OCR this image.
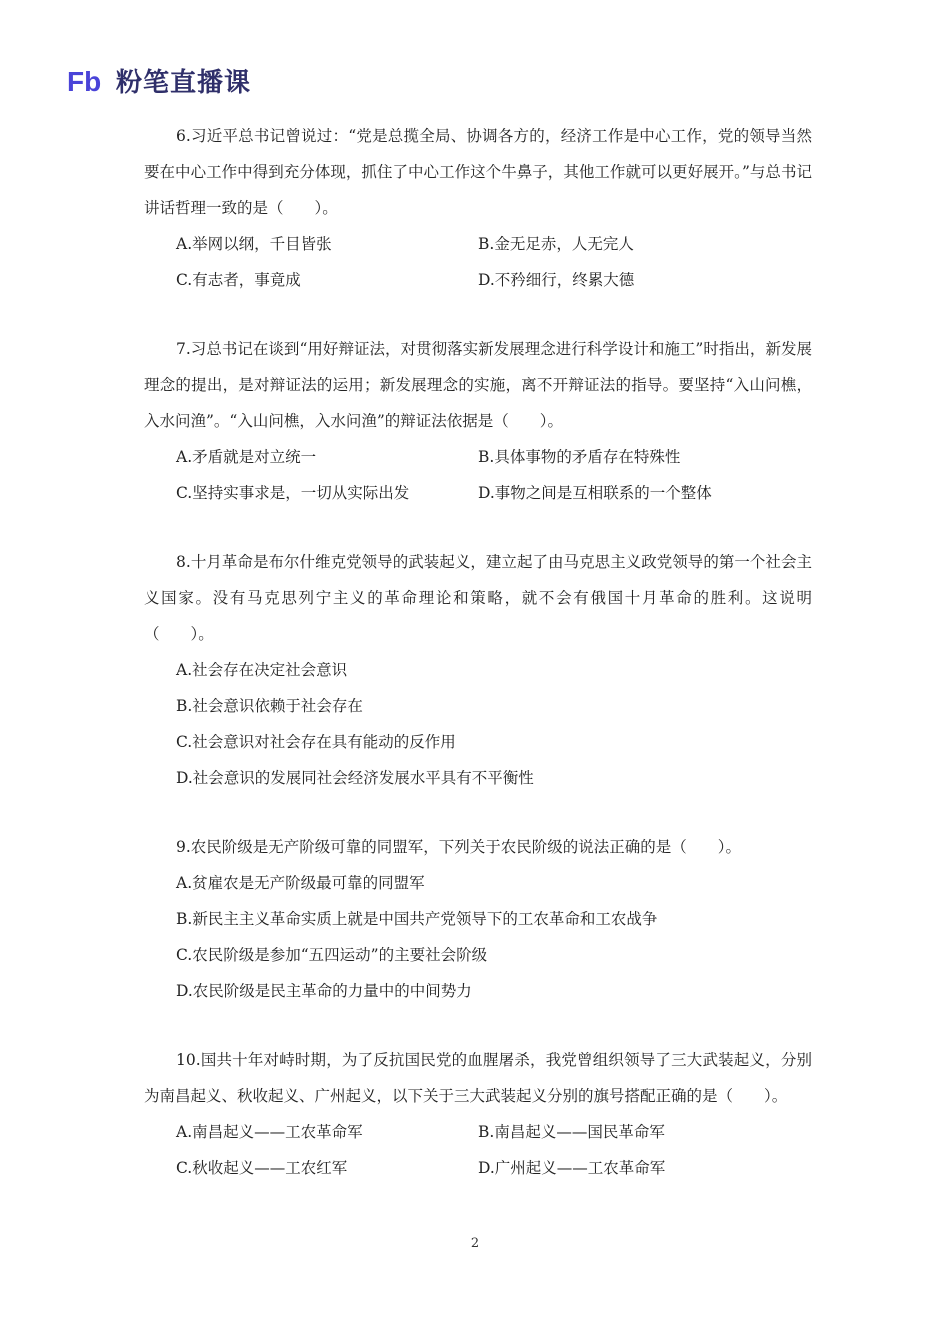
Fb 粉笔直播课

6.习近平总书记曾说过：“党是总揽全局、协调各方的，经济工作是中心工作，党的领导当然要在中心工作中得到充分体现，抓住了中心工作这个牛鼻子，其他工作就可以更好展开。”与总书记讲话哲理一致的是（　　）。

A.举网以纲，千目皆张	B.金无足赤，人无完人
C.有志者，事竟成	D.不矜细行，终累大德

7.习总书记在谈到“用好辩证法，对贯彻落实新发展理念进行科学设计和施工”时指出，新发展理念的提出，是对辩证法的运用；新发展理念的实施，离不开辩证法的指导。要坚持“入山问樵，入水问渔”。“入山问樵，入水问渔”的辩证法依据是（　　）。

A.矛盾就是对立统一	B.具体事物的矛盾存在特殊性
C.坚持实事求是，一切从实际出发	D.事物之间是互相联系的一个整体

8.十月革命是布尔什维克党领导的武装起义，建立起了由马克思主义政党领导的第一个社会主义国家。没有马克思列宁主义的革命理论和策略，就不会有俄国十月革命的胜利。这说明（　　）。

A.社会存在决定社会意识
B.社会意识依赖于社会存在
C.社会意识对社会存在具有能动的反作用
D.社会意识的发展同社会经济发展水平具有不平衡性

9.农民阶级是无产阶级可靠的同盟军，下列关于农民阶级的说法正确的是（　　）。

A.贫雇农是无产阶级最可靠的同盟军
B.新民主主义革命实质上就是中国共产党领导下的工农革命和工农战争
C.农民阶级是参加“五四运动”的主要社会阶级
D.农民阶级是民主革命的力量中的中间势力

10.国共十年对峙时期，为了反抗国民党的血腥屠杀，我党曾组织领导了三大武装起义，分别为南昌起义、秋收起义、广州起义，以下关于三大武装起义分别的旗号搭配正确的是（　　）。

A.南昌起义——工农革命军	B.南昌起义——国民革命军
C.秋收起义——工农红军	D.广州起义——工农革命军
2
